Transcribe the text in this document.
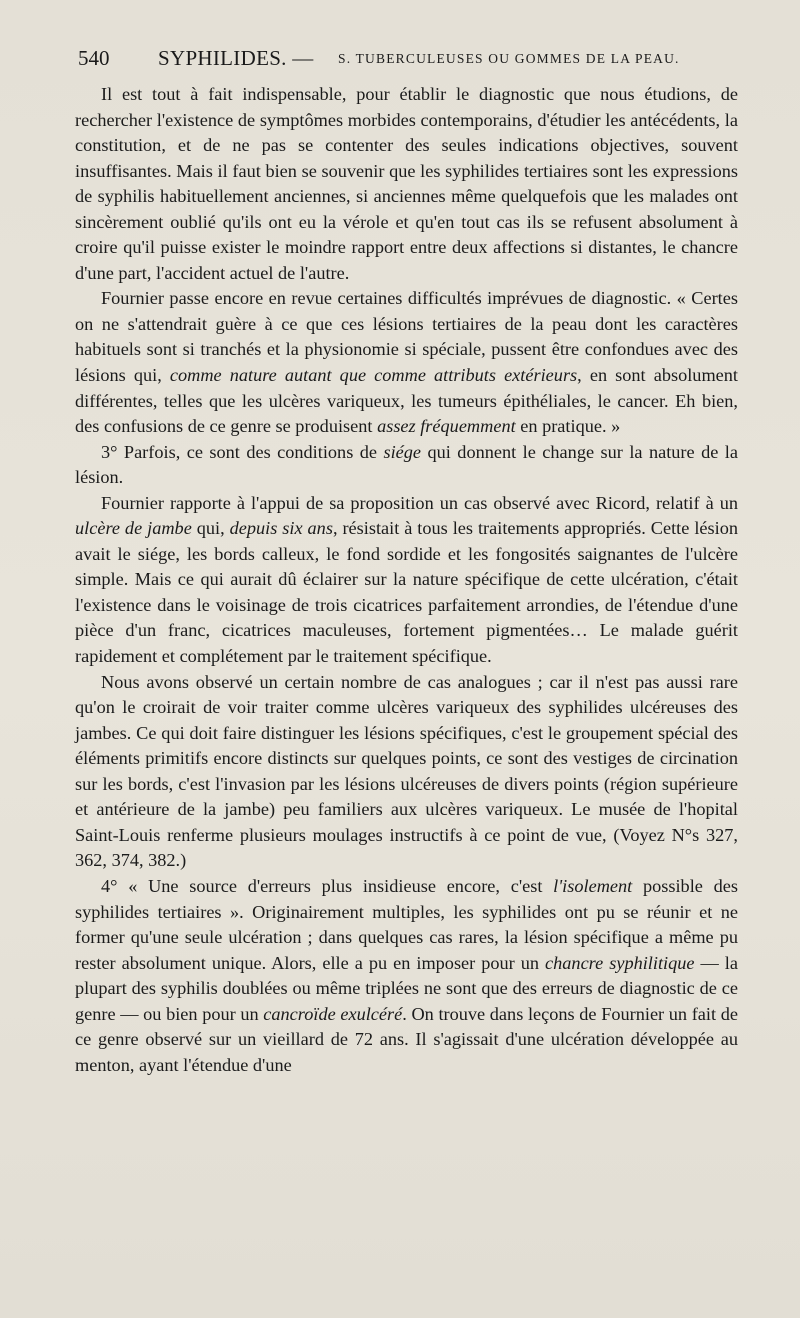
540 SYPHILIDES. — S. TUBERCULEUSES OU GOMMES DE LA PEAU.

Il est tout à fait indispensable, pour établir le diagnostic que nous étudions, de rechercher l'existence de symptômes morbides contemporains, d'étudier les antécédents, la constitution, et de ne pas se contenter des seules indications objectives, souvent insuffisantes. Mais il faut bien se souvenir que les syphilides tertiaires sont les expressions de syphilis habituellement anciennes, si anciennes même quelquefois que les malades ont sincèrement oublié qu'ils ont eu la vérole et qu'en tout cas ils se refusent absolument à croire qu'il puisse exister le moindre rapport entre deux affections si distantes, le chancre d'une part, l'accident actuel de l'autre.

Fournier passe encore en revue certaines difficultés imprévues de diagnostic. « Certes on ne s'attendrait guère à ce que ces lésions tertiaires de la peau dont les caractères habituels sont si tranchés et la physionomie si spéciale, pussent être confondues avec des lésions qui, comme nature autant que comme attributs extérieurs, en sont absolument différentes, telles que les ulcères variqueux, les tumeurs épithéliales, le cancer. Eh bien, des confusions de ce genre se produisent assez fréquemment en pratique. »

3° Parfois, ce sont des conditions de siége qui donnent le change sur la nature de la lésion.

Fournier rapporte à l'appui de sa proposition un cas observé avec Ricord, relatif à un ulcère de jambe qui, depuis six ans, résistait à tous les traitements appropriés. Cette lésion avait le siége, les bords calleux, le fond sordide et les fongosités saignantes de l'ulcère simple. Mais ce qui aurait dû éclairer sur la nature spécifique de cette ulcération, c'était l'existence dans le voisinage de trois cicatrices parfaitement arrondies, de l'étendue d'une pièce d'un franc, cicatrices maculeuses, fortement pigmentées… Le malade guérit rapidement et complétement par le traitement spécifique.

Nous avons observé un certain nombre de cas analogues ; car il n'est pas aussi rare qu'on le croirait de voir traiter comme ulcères variqueux des syphilides ulcéreuses des jambes. Ce qui doit faire distinguer les lésions spécifiques, c'est le groupement spécial des éléments primitifs encore distincts sur quelques points, ce sont des vestiges de circination sur les bords, c'est l'invasion par les lésions ulcéreuses de divers points (région supérieure et antérieure de la jambe) peu familiers aux ulcères variqueux. Le musée de l'hopital Saint-Louis renferme plusieurs moulages instructifs à ce point de vue, (Voyez N°s 327, 362, 374, 382.)

4° « Une source d'erreurs plus insidieuse encore, c'est l'isolement possible des syphilides tertiaires ». Originairement multiples, les syphilides ont pu se réunir et ne former qu'une seule ulcération ; dans quelques cas rares, la lésion spécifique a même pu rester absolument unique. Alors, elle a pu en imposer pour un chancre syphilitique — la plupart des syphilis doublées ou même triplées ne sont que des erreurs de diagnostic de ce genre — ou bien pour un cancroïde exulcéré. On trouve dans leçons de Fournier un fait de ce genre observé sur un vieillard de 72 ans. Il s'agissait d'une ulcération développée au menton, ayant l'étendue d'une
